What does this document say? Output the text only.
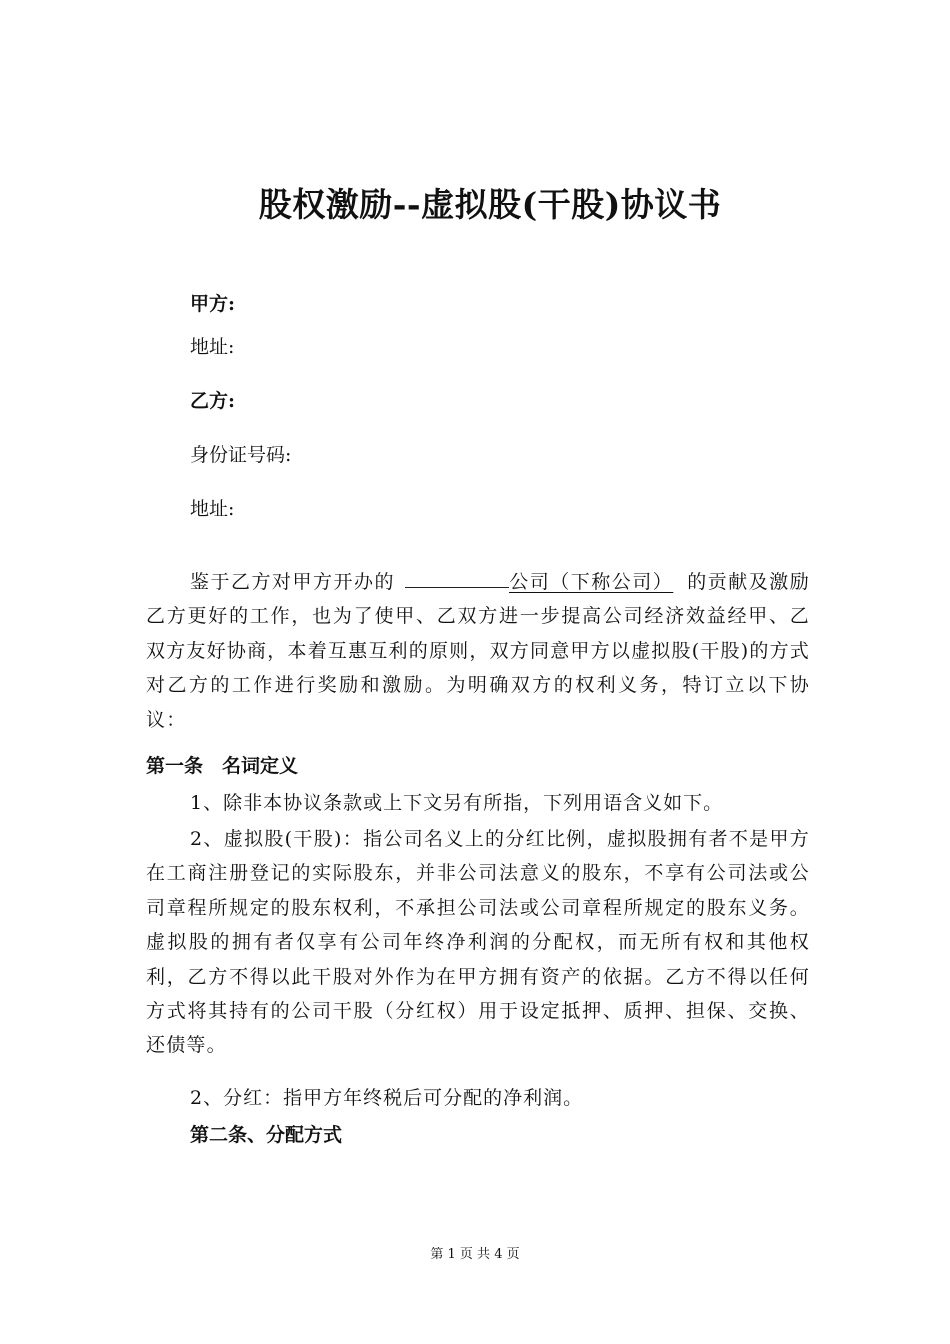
股权激励--虚拟股(干股)协议书
甲方:
地址:
乙方:
身份证号码:
地址:
鉴于乙方对甲方开办的	公司（下称公司） 的贡献及激励乙方更好的工作，也为了使甲、乙双方进一步提高公司经济效益经甲、乙双方友好协商，本着互惠互利的原则，双方同意甲方以虚拟股(干股)的方式对乙方的工作进行奖励和激励。为明确双方的权利义务，特订立以下协议：
第一条　名词定义
1、除非本协议条款或上下文另有所指，下列用语含义如下。
2、虚拟股(干股)：指公司名义上的分红比例，虚拟股拥有者不是甲方在工商注册登记的实际股东，并非公司法意义的股东，不享有公司法或公司章程所规定的股东权利，不承担公司法或公司章程所规定的股东义务。虚拟股的拥有者仅享有公司年终净利润的分配权，而无所有权和其他权利，乙方不得以此干股对外作为在甲方拥有资产的依据。乙方不得以任何方式将其持有的公司干股（分红权）用于设定抵押、质押、担保、交换、还债等。
2、分红：指甲方年终税后可分配的净利润。
第二条、分配方式
第 1 页 共 4 页
